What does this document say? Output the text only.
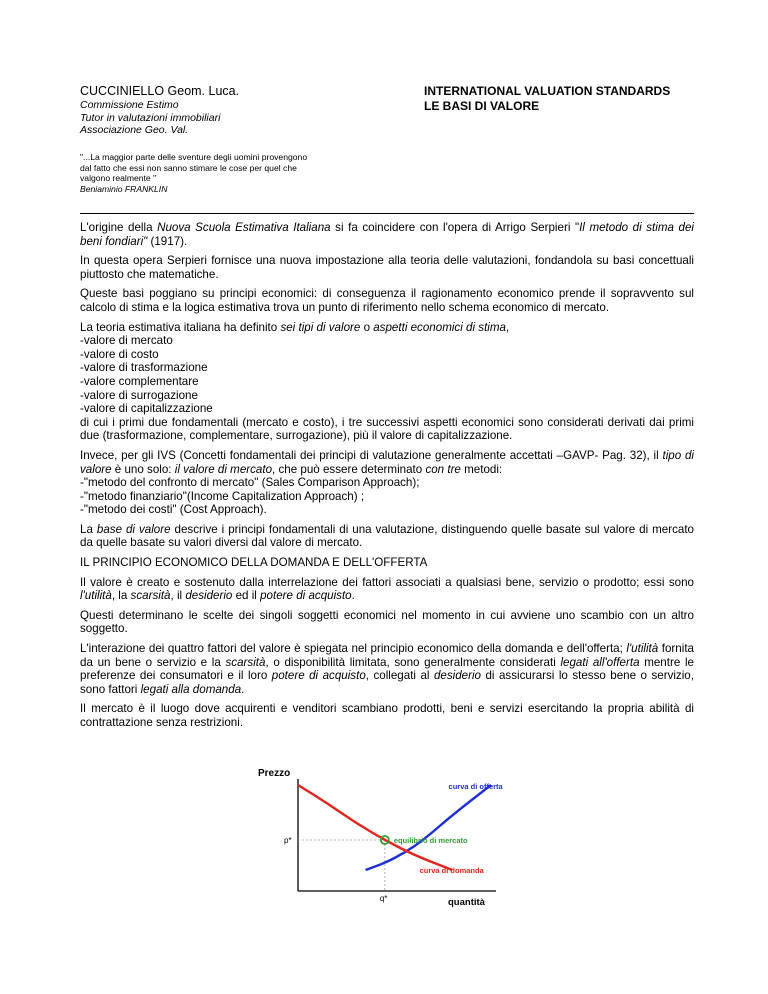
CUCCINIELLO Geom. Luca.
Commissione Estimo
Tutor in valutazioni immobiliari
Associazione Geo. Val.
INTERNATIONAL VALUATION STANDARDS
LE BASI DI VALORE
"...La maggior parte delle sventure degli uomini provengono
dal fatto che essi non sanno stimare le cose per quel che
valgono realmente "
Beniaminio FRANKLIN

L'origine della Nuova Scuola Estimativa Italiana si fa coincidere con l'opera di Arrigo Serpieri "Il metodo di stima dei beni fondiari" (1917).

In questa opera Serpieri fornisce una nuova impostazione alla teoria delle valutazioni, fondandola su basi concettuali piuttosto che matematiche.

Queste basi poggiano su principi economici: di conseguenza il ragionamento economico prende il sopravvento sul calcolo di stima e la logica estimativa trova un punto di riferimento nello schema economico di mercato.

La teoria estimativa italiana ha definito sei tipi di valore o aspetti economici di stima,
-valore di mercato
-valore di costo
-valore di trasformazione
-valore complementare
-valore di surrogazione
-valore di capitalizzazione
di cui i primi due fondamentali (mercato e costo), i tre successivi aspetti economici sono considerati derivati dai primi due (trasformazione, complementare, surrogazione), più il valore di capitalizzazione.

Invece, per gli IVS (Concetti fondamentali dei principi di valutazione generalmente accettati –GAVP- Pag. 32), il tipo di valore è uno solo: il valore di mercato, che può essere determinato con tre metodi:
-"metodo del confronto di mercato" (Sales Comparison Approach);
-"metodo finanziario"(Income Capitalization Approach) ;
-"metodo dei costi" (Cost Approach).

La base di valore descrive i principi fondamentali di una valutazione, distinguendo quelle basate sul valore di mercato da quelle basate su valori diversi dal valore di mercato.

IL PRINCIPIO ECONOMICO DELLA DOMANDA E DELL'OFFERTA

Il valore è creato e sostenuto dalla interrelazione dei fattori associati a qualsiasi bene, servizio o prodotto; essi sono l'utilità, la scarsità, il desiderio ed il potere di acquisto.

Questi determinano le scelte dei singoli soggetti economici nel momento in cui avviene uno scambio con un altro soggetto.

L'interazione dei quattro fattori del valore è spiegata nel principio economico della domanda e dell'offerta; l'utilità fornita da un bene o servizio e la scarsità, o disponibilità limitata, sono generalmente considerati legati all'offerta mentre le preferenze dei consumatori e il loro potere di acquisto, collegati al desiderio di assicurarsi lo stesso bene o servizio, sono fattori legati alla domanda.

Il mercato è il luogo dove acquirenti e venditori scambiano prodotti, beni e servizi esercitando la propria abilità di contrattazione senza restrizioni.

Prezzo
quantità
p*
q*
curva di offerta
curva di domanda
equilibrio di mercato
